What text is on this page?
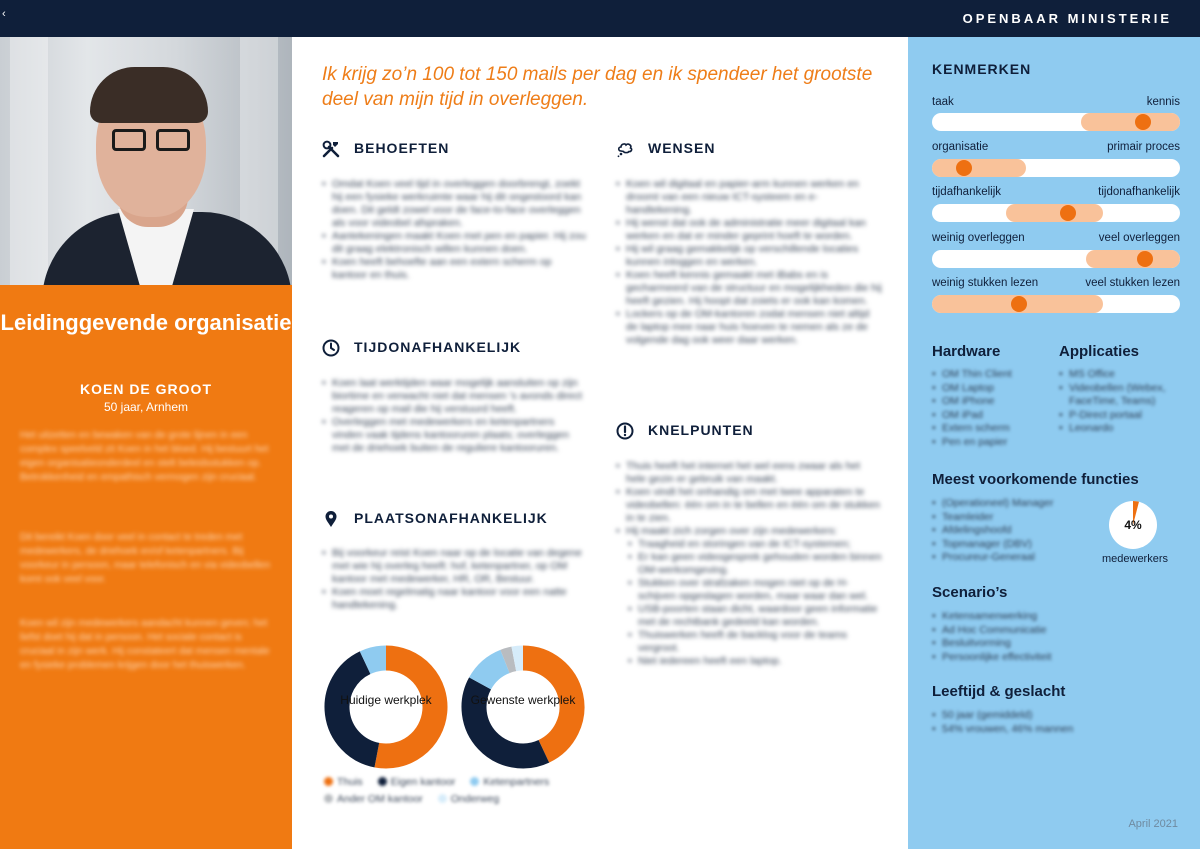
‹	OPENBAAR MINISTERIE
Leidinggevende organisatie
KOEN DE GROOT
50 jaar, Arnhem

Het uitzetten en bewaken van de grote lijnen in een complex speelveld zit Koen in het bloed. Hij bestuurt het eigen organisatieonderdeel en stelt beleidsstukken op. Betrokkenheid en empathisch vermogen zijn cruciaal.

Dit bereikt Koen door veel in contact te treden met medewerkers, de driehoek en/of ketenpartners. Bij voorkeur in persoon, maar telefonisch en via videobellen komt ook veel voor.

Koen wil zijn medewerkers aandacht kunnen geven; het liefst doet hij dat in persoon. Het sociale contact is cruciaal in zijn werk. Hij constateert dat mensen mentale en fysieke problemen krijgen door het thuiswerken.

Ik krijg zo’n 100 tot 150 mails per dag en ik spendeer het grootste deel van mijn tijd in overleggen.
BEHOEFTEN
• Omdat Koen veel tijd in overleggen doorbrengt, zoekt hij een fysieke werkruimte waar hij dit ongestoord kan doen. Dit geldt zowel voor de face-to-face overleggen als voor videobel afspraken.
• Aantekeningen maakt Koen met pen en papier. Hij zou dit graag elektronisch willen kunnen doen.
• Koen heeft behoefte aan een extern scherm op kantoor en thuis.
TIJDONAFHANKELIJK
• Koen laat werktijden waar mogelijk aansluiten op zijn biortime en verwacht niet dat mensen 's avonds direct reageren op mail die hij verstuurd heeft.
• Overleggen met medewerkers en ketenpartners vinden vaak tijdens kantooruren plaats; overleggen met de driehoek buiten de reguliere kantooruren.
PLAATSONAFHANKELIJK
• Bij voorkeur reist Koen naar op de locatie van degene met wie hij overleg heeft: hof, ketenpartner, op OM kantoor met medewerker, HR, OR, Bestuur.
• Koen moet regelmatig naar kantoor voor een natte handtekening.
Huidige werkplek	Gewenste werkplek
Thuis	Eigen kantoor	Ketenpartners
Ander OM kantoor	Onderweg
WENSEN
• Koen wil digitaal en papier-arm kunnen werken en droomt van een nieuw ICT-systeem en e-handtekening.
• Hij wenst dat ook de administratie meer digitaal kan werken en dat er minder geprint hoeft te worden.
• Hij wil graag gemakkelijk op verschillende locaties kunnen inloggen en werken.
• Koen heeft kennis gemaakt met iBabs en is gecharmeerd van de structuur en mogelijkheden die hij heeft gezien. Hij hoopt dat zoiets er ook kan komen.
• Lockers op de OM-kantoren zodat mensen niet altijd de laptop mee naar huis hoeven te nemen als ze de volgende dag ook weer daar werken.
KNELPUNTEN
• Thuis heeft het internet het wel eens zwaar als het hele gezin er gebruik van maakt.
• Koen vindt het onhandig om met twee apparaten te videobellen: één om in te bellen en één om de stukken in te zien.
• Hij maakt zich zorgen over zijn medewerkers:
• Traagheid en storingen van de ICT-systemen;
• Er kan geen videogesprek gehouden worden binnen OM-werkomgeving.
• Stukken over strafzaken mogen niet op de H-schijven opgeslagen worden, maar waar dan wel.
• USB-poorten staan dicht, waardoor geen informatie met de rechtbank gedeeld kan worden.
• Thuiswerken heeft de backlog voor de teams vergroot.
• Niet iedereen heeft een laptop.
KENMERKEN
taak	kennis
organisatie	primair proces
tijdafhankelijk	tijdonafhankelijk
weinig overleggen	veel overleggen
weinig stukken lezen	veel stukken lezen
Hardware
• OM Thin Client
• OM Laptop
• OM iPhone
• OM iPad
• Extern scherm
• Pen en papier
Applicaties
• MS Office
• Videobellen (Webex, FaceTime, Teams)
• P-Direct portaal
• Leonardo
Meest voorkomende functies
• (Operationeel) Manager
• Teamleider
• Afdelingshoofd
• Topmanager (DBV)
• Procureur-Generaal
4%
medewerkers
Scenario’s
• Ketensamenwerking
• Ad Hoc Communicatie
• Besluitvorming
• Persoonlijke effectiviteit
Leeftijd & geslacht
• 50 jaar (gemiddeld)
• 54% vrouwen, 46% mannen
April 2021
